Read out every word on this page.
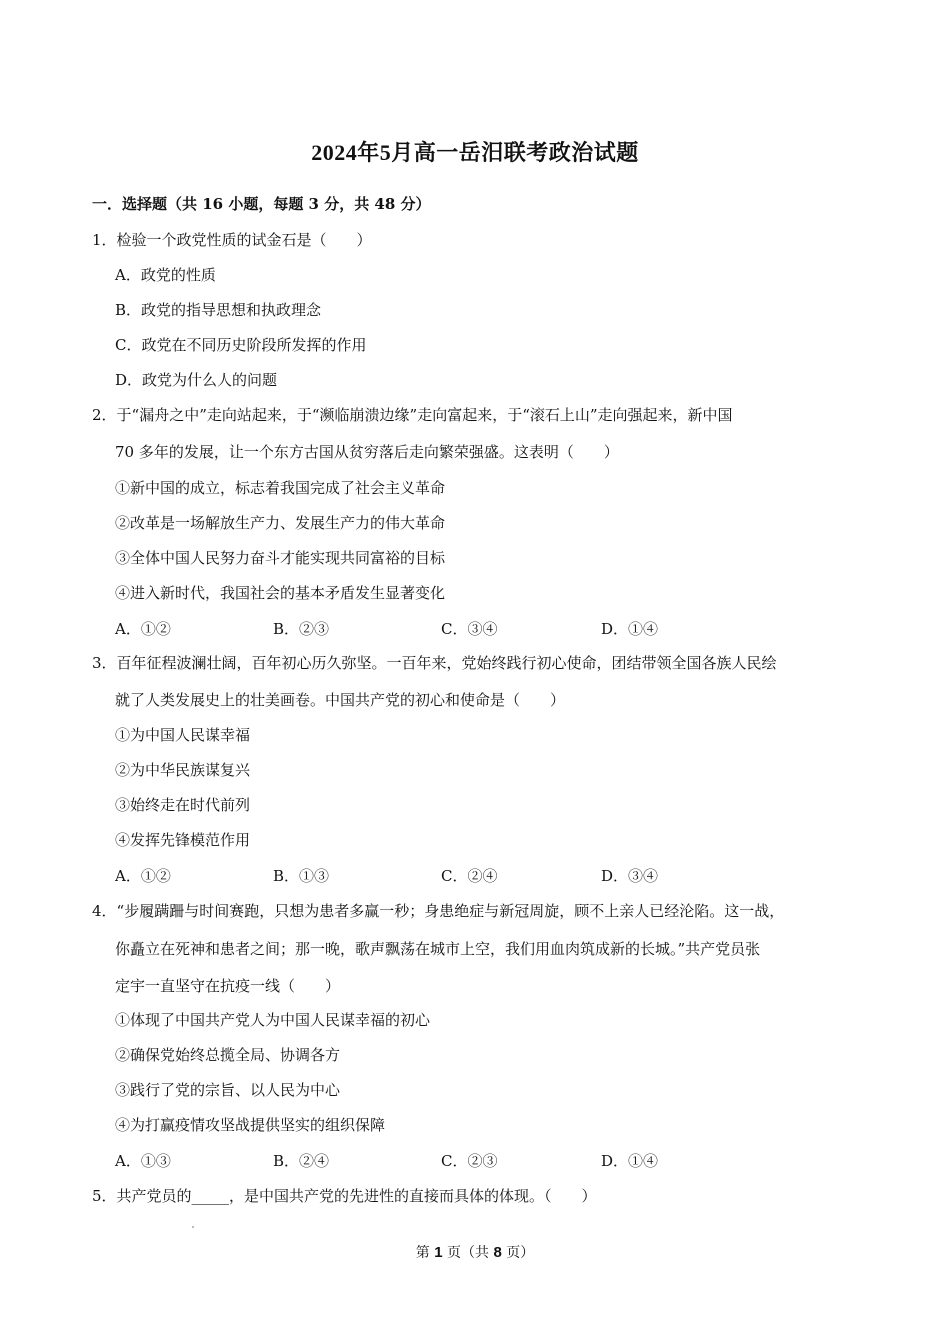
2024年5月高一岳汨联考政治试题
一．选择题（共 16 小题，每题 3 分，共 48 分）
1．检验一个政党性质的试金石是（　　）
A．政党的性质
B．政党的指导思想和执政理念
C．政党在不同历史阶段所发挥的作用
D．政党为什么人的问题
2．于“漏舟之中”走向站起来，于“濒临崩溃边缘”走向富起来，于“滚石上山”走向强起来，新中国
70 多年的发展，让一个东方古国从贫穷落后走向繁荣强盛。这表明（　　）
①新中国的成立，标志着我国完成了社会主义革命
②改革是一场解放生产力、发展生产力的伟大革命
③全体中国人民努力奋斗才能实现共同富裕的目标
④进入新时代，我国社会的基本矛盾发生显著变化
A．①②	B．②③	C．③④	D．①④
3．百年征程波澜壮阔，百年初心历久弥坚。一百年来，党始终践行初心使命，团结带领全国各族人民绘
就了人类发展史上的壮美画卷。中国共产党的初心和使命是（　　）
①为中国人民谋幸福
②为中华民族谋复兴
③始终走在时代前列
④发挥先锋模范作用
A．①②	B．①③	C．②④	D．③④
4．“步履蹒跚与时间赛跑，只想为患者多赢一秒；身患绝症与新冠周旋，顾不上亲人已经沦陷。这一战，
你矗立在死神和患者之间；那一晚，歌声飘荡在城市上空，我们用血肉筑成新的长城。”共产党员张
定宇一直坚守在抗疫一线（　　）
①体现了中国共产党人为中国人民谋幸福的初心
②确保党始终总揽全局、协调各方
③践行了党的宗旨、以人民为中心
④为打赢疫情攻坚战提供坚实的组织保障
A．①③	B．②④	C．②③	D．①④
5．共产党员的_____，是中国共产党的先进性的直接而具体的体现。（　　）
第 1 页（共 8 页）
